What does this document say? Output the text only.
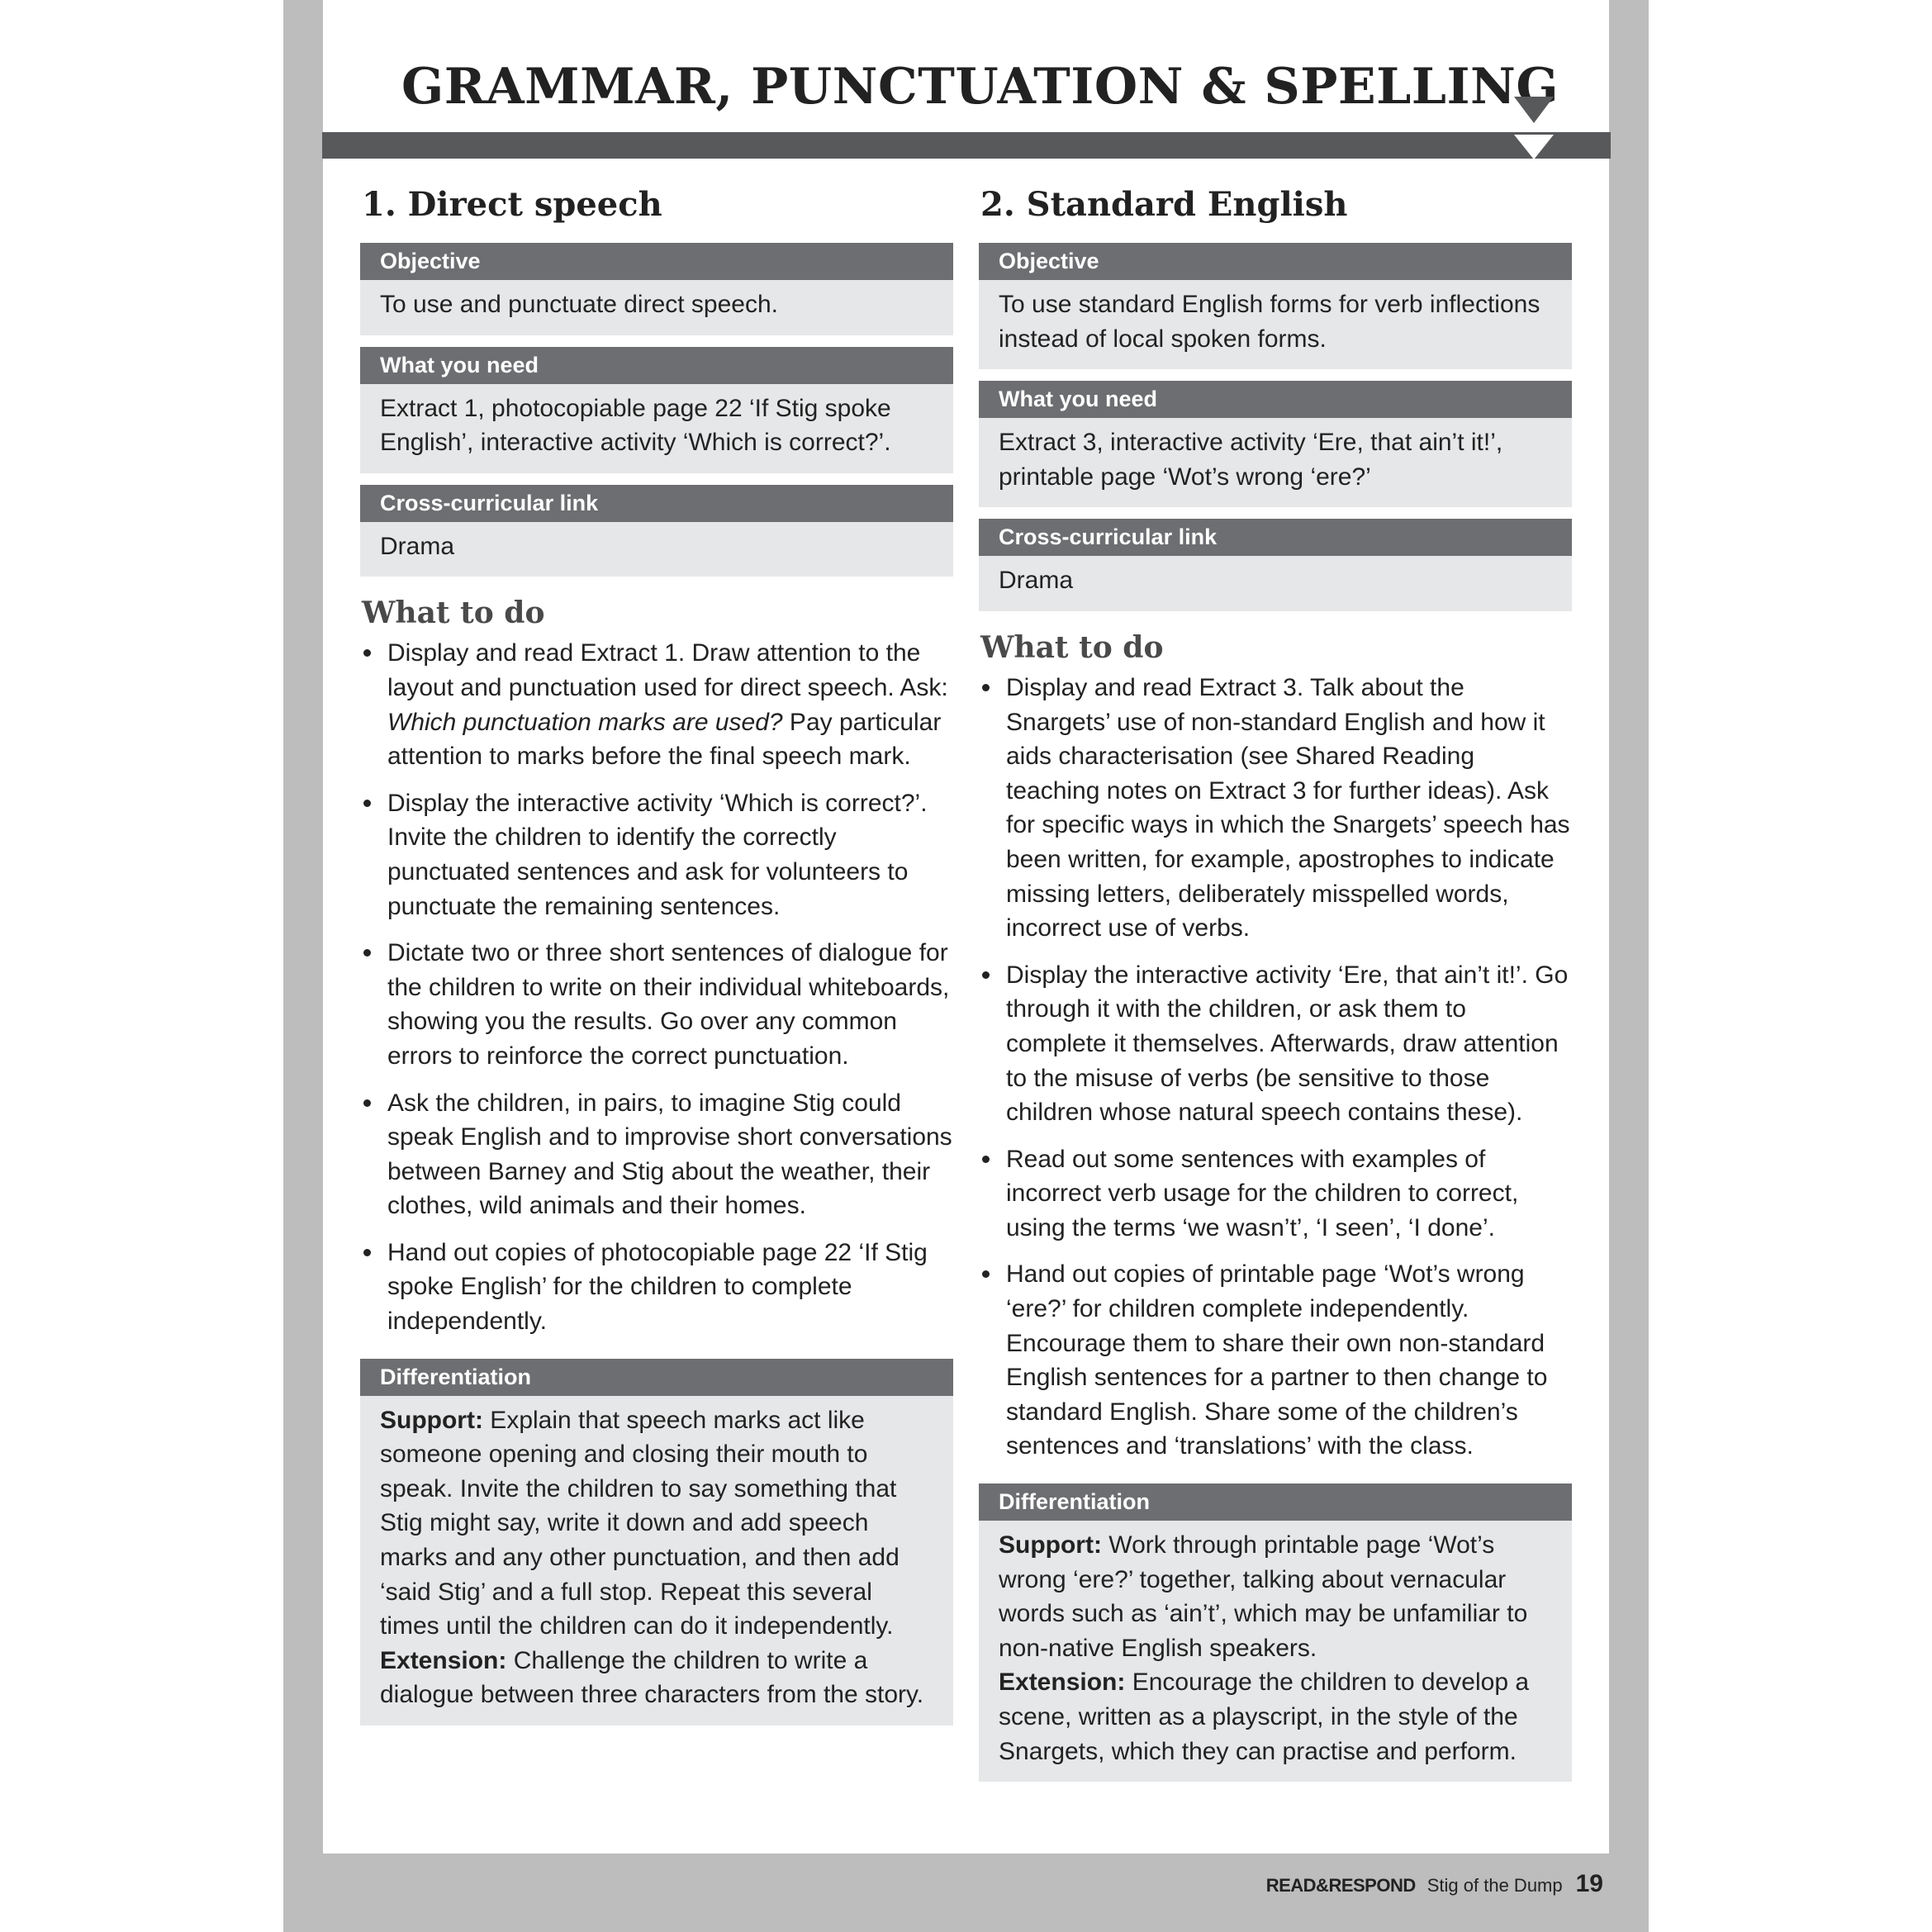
GRAMMAR, PUNCTUATION & SPELLING
1. Direct speech
Objective
To use and punctuate direct speech.
What you need
Extract 1, photocopiable page 22 ‘If Stig spoke English’, interactive activity ‘Which is correct?’.
Cross-curricular link
Drama
What to do
Display and read Extract 1. Draw attention to the layout and punctuation used for direct speech. Ask: Which punctuation marks are used? Pay particular attention to marks before the final speech mark.
Display the interactive activity ‘Which is correct?’. Invite the children to identify the correctly punctuated sentences and ask for volunteers to punctuate the remaining sentences.
Dictate two or three short sentences of dialogue for the children to write on their individual whiteboards, showing you the results. Go over any common errors to reinforce the correct punctuation.
Ask the children, in pairs, to imagine Stig could speak English and to improvise short conversations between Barney and Stig about the weather, their clothes, wild animals and their homes.
Hand out copies of photocopiable page 22 ‘If Stig spoke English’ for the children to complete independently.
Differentiation

Support: Explain that speech marks act like someone opening and closing their mouth to speak. Invite the children to say something that Stig might say, write it down and add speech marks and any other punctuation, and then add ‘said Stig’ and a full stop. Repeat this several times until the children can do it independently.

Extension: Challenge the children to write a dialogue between three characters from the story.

2. Standard English
Objective
To use standard English forms for verb inflections instead of local spoken forms.
What you need
Extract 3, interactive activity ‘Ere, that ain’t it!’, printable page ‘Wot’s wrong ‘ere?’
Cross-curricular link
Drama
What to do
Display and read Extract 3. Talk about the Snargets’ use of non-standard English and how it aids characterisation (see Shared Reading teaching notes on Extract 3 for further ideas). Ask for specific ways in which the Snargets’ speech has been written, for example, apostrophes to indicate missing letters, deliberately misspelled words, incorrect use of verbs.
Display the interactive activity ‘Ere, that ain’t it!’. Go through it with the children, or ask them to complete it themselves. Afterwards, draw attention to the misuse of verbs (be sensitive to those children whose natural speech contains these).
Read out some sentences with examples of incorrect verb usage for the children to correct, using the terms ‘we wasn’t’, ‘I seen’, ‘I done’.
Hand out copies of printable page ‘Wot’s wrong ‘ere?’ for children complete independently. Encourage them to share their own non-standard English sentences for a partner to then change to standard English. Share some of the children’s sentences and ‘translations’ with the class.
Differentiation

Support: Work through printable page ‘Wot’s wrong ‘ere?’ together, talking about vernacular words such as ‘ain’t’, which may be unfamiliar to non-native English speakers.

Extension: Encourage the children to develop a scene, written as a playscript, in the style of the Snargets, which they can practise and perform.

READ&RESPOND Stig of the Dump 19
